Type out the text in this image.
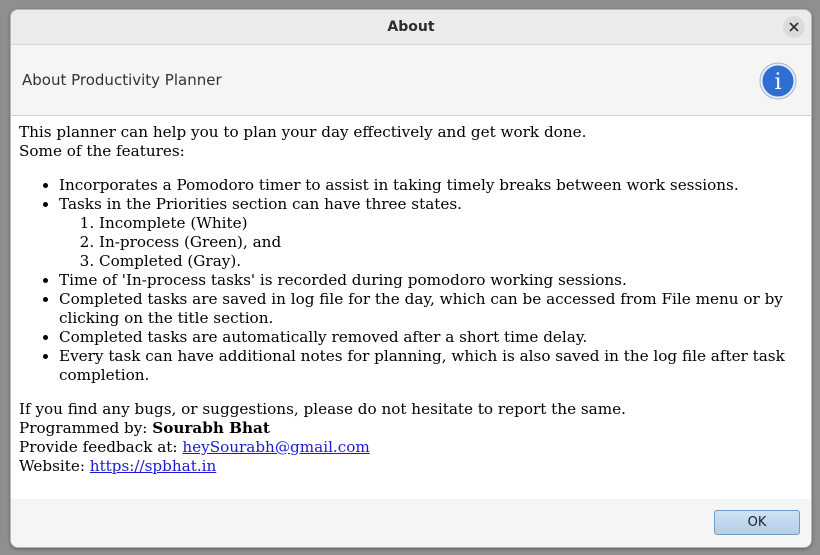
About
About Productivity Planner	i

This planner can help you to plan your day effectively and get work done.

Some of the features:

• Incorporates a Pomodoro timer to assist in taking timely breaks between work sessions.
• Tasks in the Priorities section can have three states.
1. Incomplete (White)
2. In-process (Green), and
3. Completed (Gray).
• Time of 'In-process tasks' is recorded during pomodoro working sessions.
• Completed tasks are saved in log file for the day, which can be accessed from File menu or by clicking on the title section.
• Completed tasks are automatically removed after a short time delay.
• Every task can have additional notes for planning, which is also saved in the log file after task completion.

If you find any bugs, or suggestions, please do not hesitate to report the same.

Programmed by: Sourabh Bhat

Provide feedback at: heySourabh@gmail.com

Website: https://spbhat.in

OK
